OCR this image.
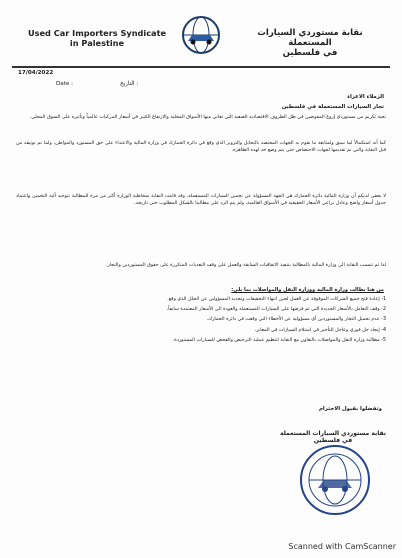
Used Car Importers Syndicate
in Palestine
نقابة مستوردي السيارات المستعملة
في فلسطين
17/04/2022
Date :	: التاريخ
الزملاء الاعزاء
تجار السيارات المستعملة في فلسطين
تحية تكريم من مستوردي إروغ المفوضين في ظل الظروف الاقتصادية الصعبة التي تعاني منها الأسواق المحلية والارتفاع الكبير في أسعار المركبات عالمياً وتأثيره على السوق المحلي.
كما أنه استكمالاً لما سبق ولمتابعة ما تقوم به الجهات المختصة بالتحايل والتزوير الذي وقع في دائرة الجمارك في وزارة المالية والاعتداء على حق المستورد والمواطن، ولما تم توثيقه من قبل النقابة والتي تم تقديمها لجهات الاختصاص حتى يتم وضع حد لهذه الظاهرة.
لا يخفى لديكم أن وزارة المالية دائرة الجمارك هي الجهة المسؤولة عن تخمين السيارات المستعملة، وقد قامت النقابة بمخاطبة الوزارة أكثر من مرة للمطالبة بتوحيد آلية التخمين واعتماد جدول أسعار واضح وعادل يراعي الأسعار الحقيقية في الأسواق العالمية، ولم يتم الرد على مطالبنا بالشكل المطلوب حتى تاريخه.
لذا تم تنسيب النقابة الى وزارة المالية بالمطالبة بتنفيذ الاتفاقيات السابقة والعمل على وقف التعديات المتكررة على حقوق المستوردين والتجار.
من هنا نطالب وزارة المالية ووزارة النقل والمواصلات بما يلي:
1- إعادة فتح جميع الشركات الموقوفة عن العمل لحين انتهاء التحقيقات وتحديد المسؤولين عن الخلل الذي وقع.
2- وقف التعامل بالأسعار الجديدة التي تم فرضها على السيارات المستعملة والعودة الى الأسعار المعتمدة سابقاً.
3- عدم تحميل التجار والمستوردين أي مسؤولية عن الأخطاء التي وقعت في دائرة الجمارك.
4- إيجاد حل فوري وعاجل للتأخير في استلام السيارات في المعابر.
5- مطالبة وزارة النقل والمواصلات بالتعاون مع النقابة لتنظيم عملية الترخيص والفحص للسيارات المستوردة.
وتفضلوا بقبول الاحترام
نقابة مستوردي السيارات المستعملة في فلسطين
Scanned with CamScanner
